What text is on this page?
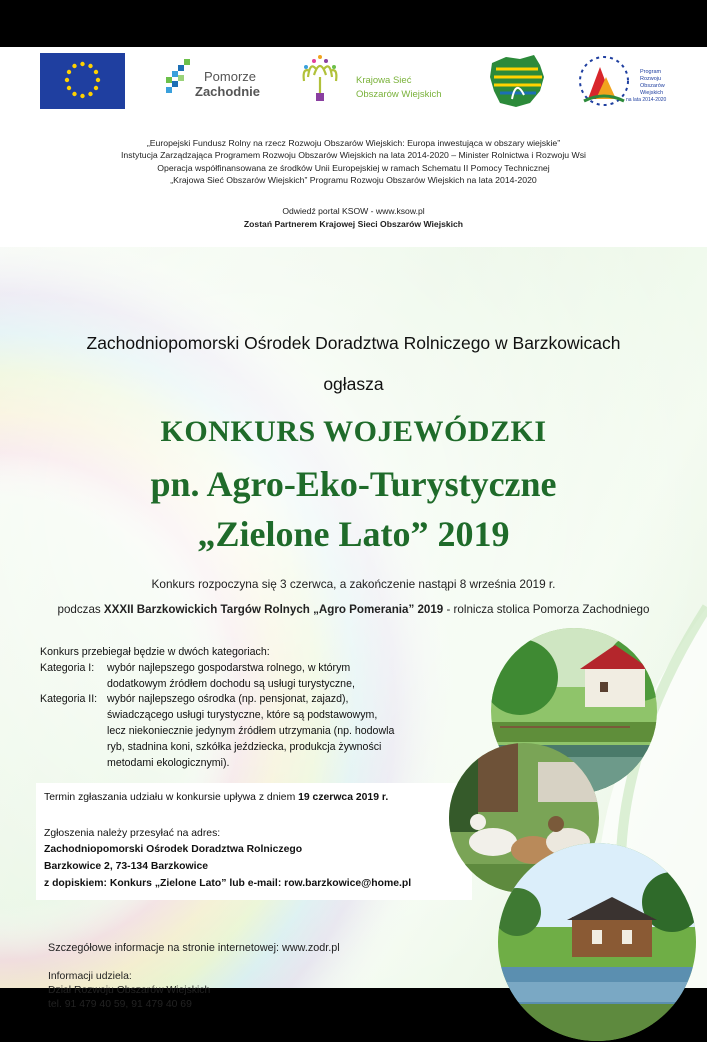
Pomorze
Zachodnie
Krajowa Sieć
Obszarów Wiejskich
Program
Rozwoju
Obszarów
Wiejskich
na lata 2014-2020
„Europejski Fundusz Rolny na rzecz Rozwoju Obszarów Wiejskich: Europa inwestująca w obszary wiejskie”
Instytucja Zarządzająca Programem Rozwoju Obszarów Wiejskich na lata 2014-2020 – Minister Rolnictwa i Rozwoju Wsi
Operacja współfinansowana ze środków Unii Europejskiej w ramach Schematu II Pomocy Technicznej
„Krajowa Sieć Obszarów Wiejskich” Programu Rozwoju Obszarów Wiejskich na lata 2014-2020
Odwiedź portal KSOW - www.ksow.pl
Zostań Partnerem Krajowej Sieci Obszarów Wiejskich
Zachodniopomorski Ośrodek Doradztwa Rolniczego w Barzkowicach
ogłasza
KONKURS WOJEWÓDZKI
pn. Agro-Eko-Turystyczne
„Zielone Lato” 2019
Konkurs rozpoczyna się 3 czerwca, a zakończenie nastąpi 8 września 2019 r.
podczas XXXII Barzkowickich Targów Rolnych „Agro Pomerania” 2019 - rolnicza stolica Pomorza Zachodniego
Konkurs przebiegał będzie w dwóch kategoriach:
Kategoria I:	wybór najlepszego gospodarstwa rolnego, w którym
dodatkowym źródłem dochodu są usługi turystyczne,
Kategoria II: wybór najlepszego ośrodka (np. pensjonat, zajazd),
świadczącego usługi turystyczne, które są podstawowym,
lecz niekoniecznie jedynym źródłem utrzymania (np. hodowla
ryb, stadnina koni, szkółka jeździecka, produkcja żywności
metodami ekologicznymi).
Termin zgłaszania udziału w konkursie upływa z dniem 19 czerwca 2019 r.
Zgłoszenia należy przesyłać na adres:
Zachodniopomorski Ośrodek Doradztwa Rolniczego
Barzkowice 2, 73-134 Barzkowice
z dopiskiem: Konkurs „Zielone Lato” lub e-mail: row.barzkowice@home.pl
Szczegółowe informacje na stronie internetowej: www.zodr.pl
Informacji udziela:
Dział Rozwoju Obszarów Wiejskich
tel. 91 479 40 59, 91 479 40 69
